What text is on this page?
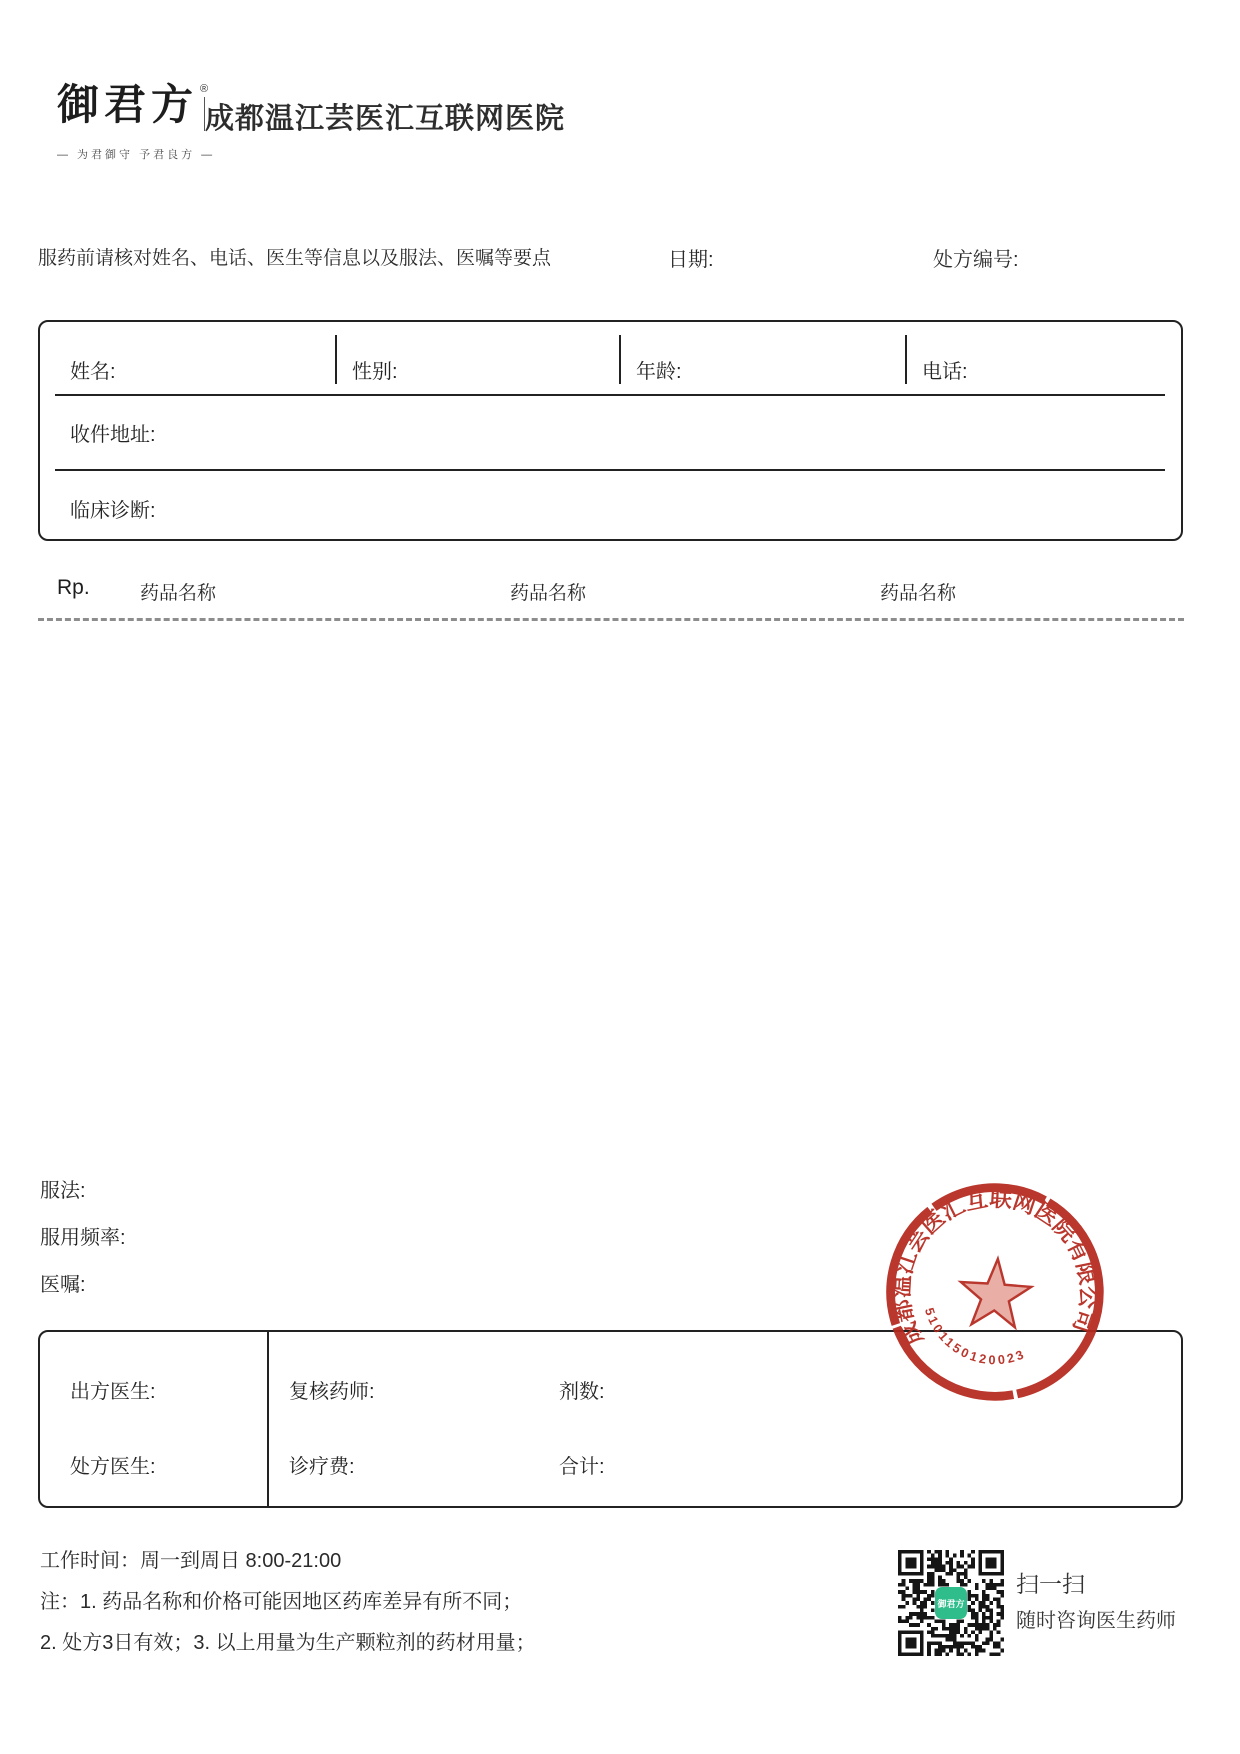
御君方 ®
— 为君御守 予君良方 —
成都温江芸医汇互联网医院
服药前请核对姓名、电话、医生等信息以及服法、医嘱等要点	日期:	处方编号:
姓名:	性别:	年龄:	电话:
收件地址:
临床诊断:
Rp.	药品名称	药品名称	药品名称
服法:
服用频率:
医嘱:
出方医生:	复核药师:	剂数:
处方医生:	诊疗费:	合计:
成都温江芸医汇互联网医院有限公司
5101150120023
工作时间：周一到周日 8:00-21:00
注：1. 药品名称和价格可能因地区药库差异有所不同；
2. 处方3日有效；3. 以上用量为生产颗粒剂的药材用量；
御君方
扫一扫
随时咨询医生药师
